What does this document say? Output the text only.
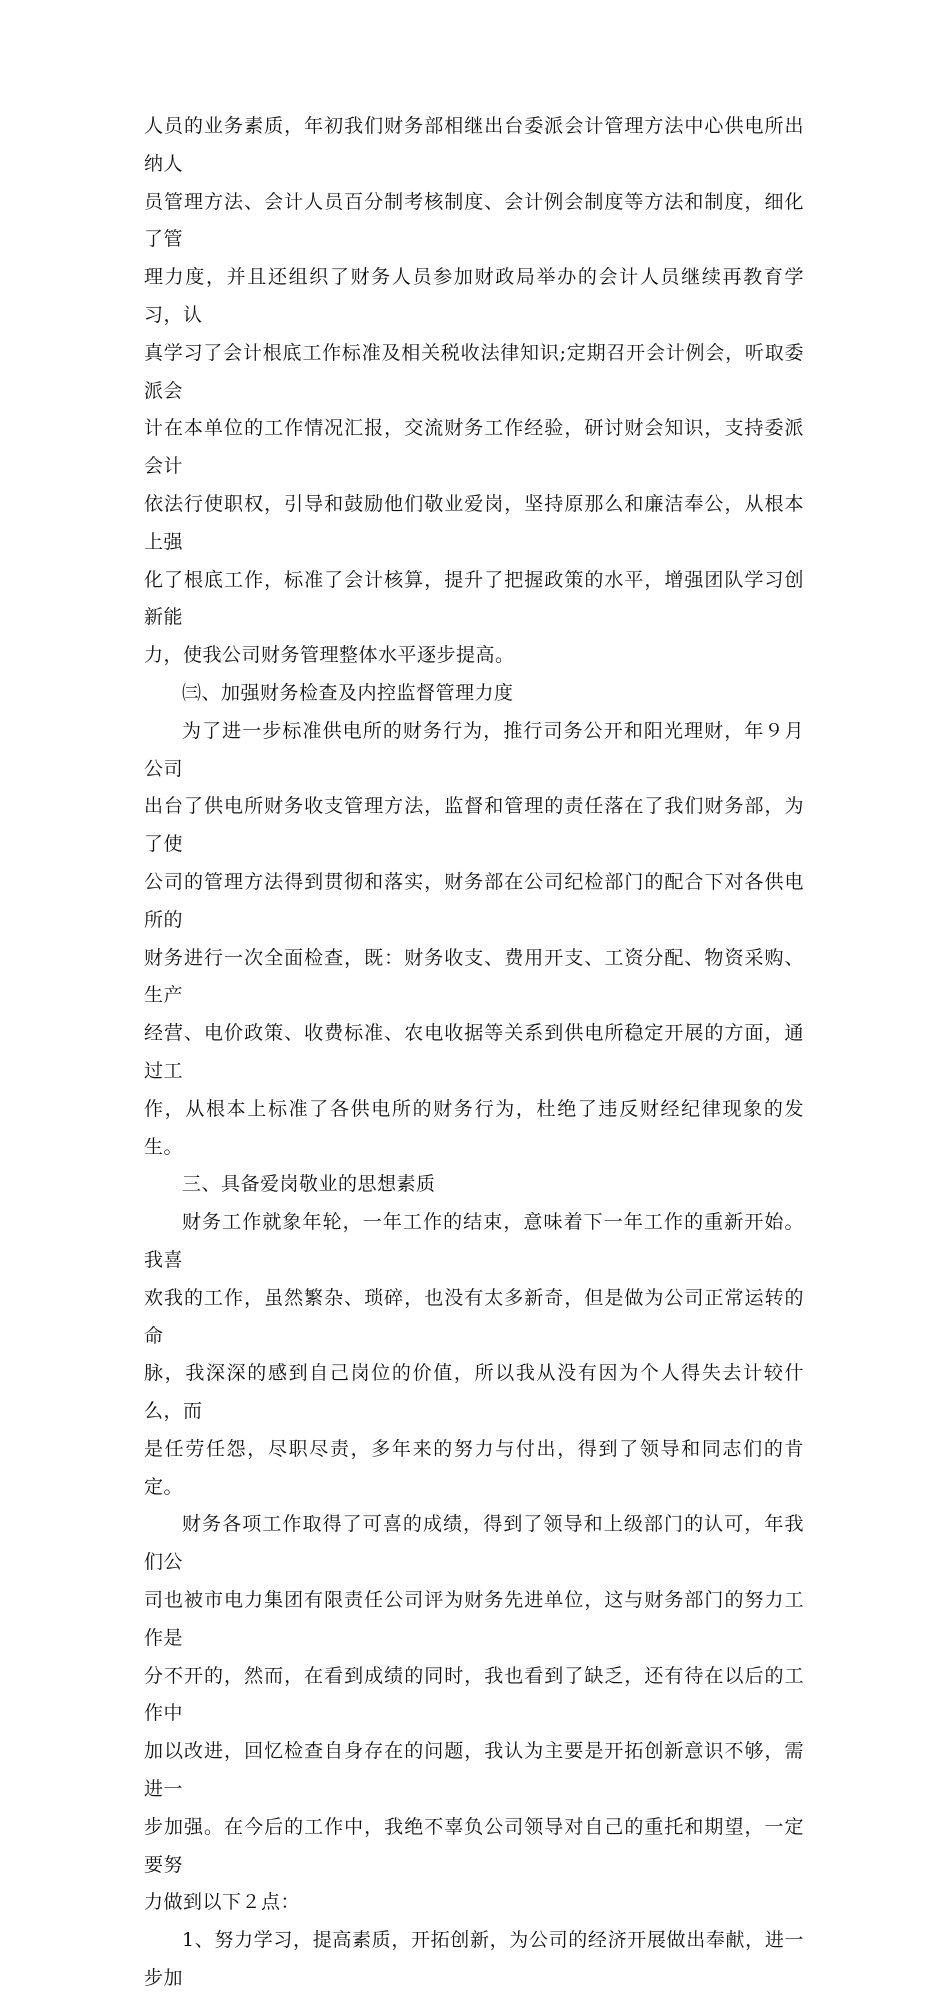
人员的业务素质，年初我们财务部相继出台委派会计管理方法中心供电所出纳人
员管理方法、会计人员百分制考核制度、会计例会制度等方法和制度，细化了管
理力度，并且还组织了财务人员参加财政局举办的会计人员继续再教育学习，认
真学习了会计根底工作标准及相关税收法律知识;定期召开会计例会，听取委派会
计在本单位的工作情况汇报，交流财务工作经验，研讨财会知识，支持委派会计
依法行使职权，引导和鼓励他们敬业爱岗，坚持原那么和廉洁奉公，从根本上强
化了根底工作，标准了会计核算，提升了把握政策的水平，增强团队学习创新能
力，使我公司财务管理整体水平逐步提高。
㈢、加强财务检查及内控监督管理力度
为了进一步标准供电所的财务行为，推行司务公开和阳光理财，年９月公司
出台了供电所财务收支管理方法，监督和管理的责任落在了我们财务部，为了使
公司的管理方法得到贯彻和落实，财务部在公司纪检部门的配合下对各供电所的
财务进行一次全面检查，既：财务收支、费用开支、工资分配、物资采购、生产
经营、电价政策、收费标准、农电收据等关系到供电所稳定开展的方面，通过工
作，从根本上标准了各供电所的财务行为，杜绝了违反财经纪律现象的发生。
三、具备爱岗敬业的思想素质
财务工作就象年轮，一年工作的结束，意味着下一年工作的重新开始。我喜
欢我的工作，虽然繁杂、琐碎，也没有太多新奇，但是做为公司正常运转的命
脉，我深深的感到自己岗位的价值，所以我从没有因为个人得失去计较什么，而
是任劳任怨，尽职尽责，多年来的努力与付出，得到了领导和同志们的肯定。
财务各项工作取得了可喜的成绩，得到了领导和上级部门的认可，年我们公
司也被市电力集团有限责任公司评为财务先进单位，这与财务部门的努力工作是
分不开的，然而，在看到成绩的同时，我也看到了缺乏，还有待在以后的工作中
加以改进，回忆检查自身存在的问题，我认为主要是开拓创新意识不够，需进一
步加强。在今后的工作中，我绝不辜负公司领导对自己的重托和期望，一定要努
力做到以下２点：
1、努力学习，提高素质，开拓创新，为公司的经济开展做出奉献，进一步加
